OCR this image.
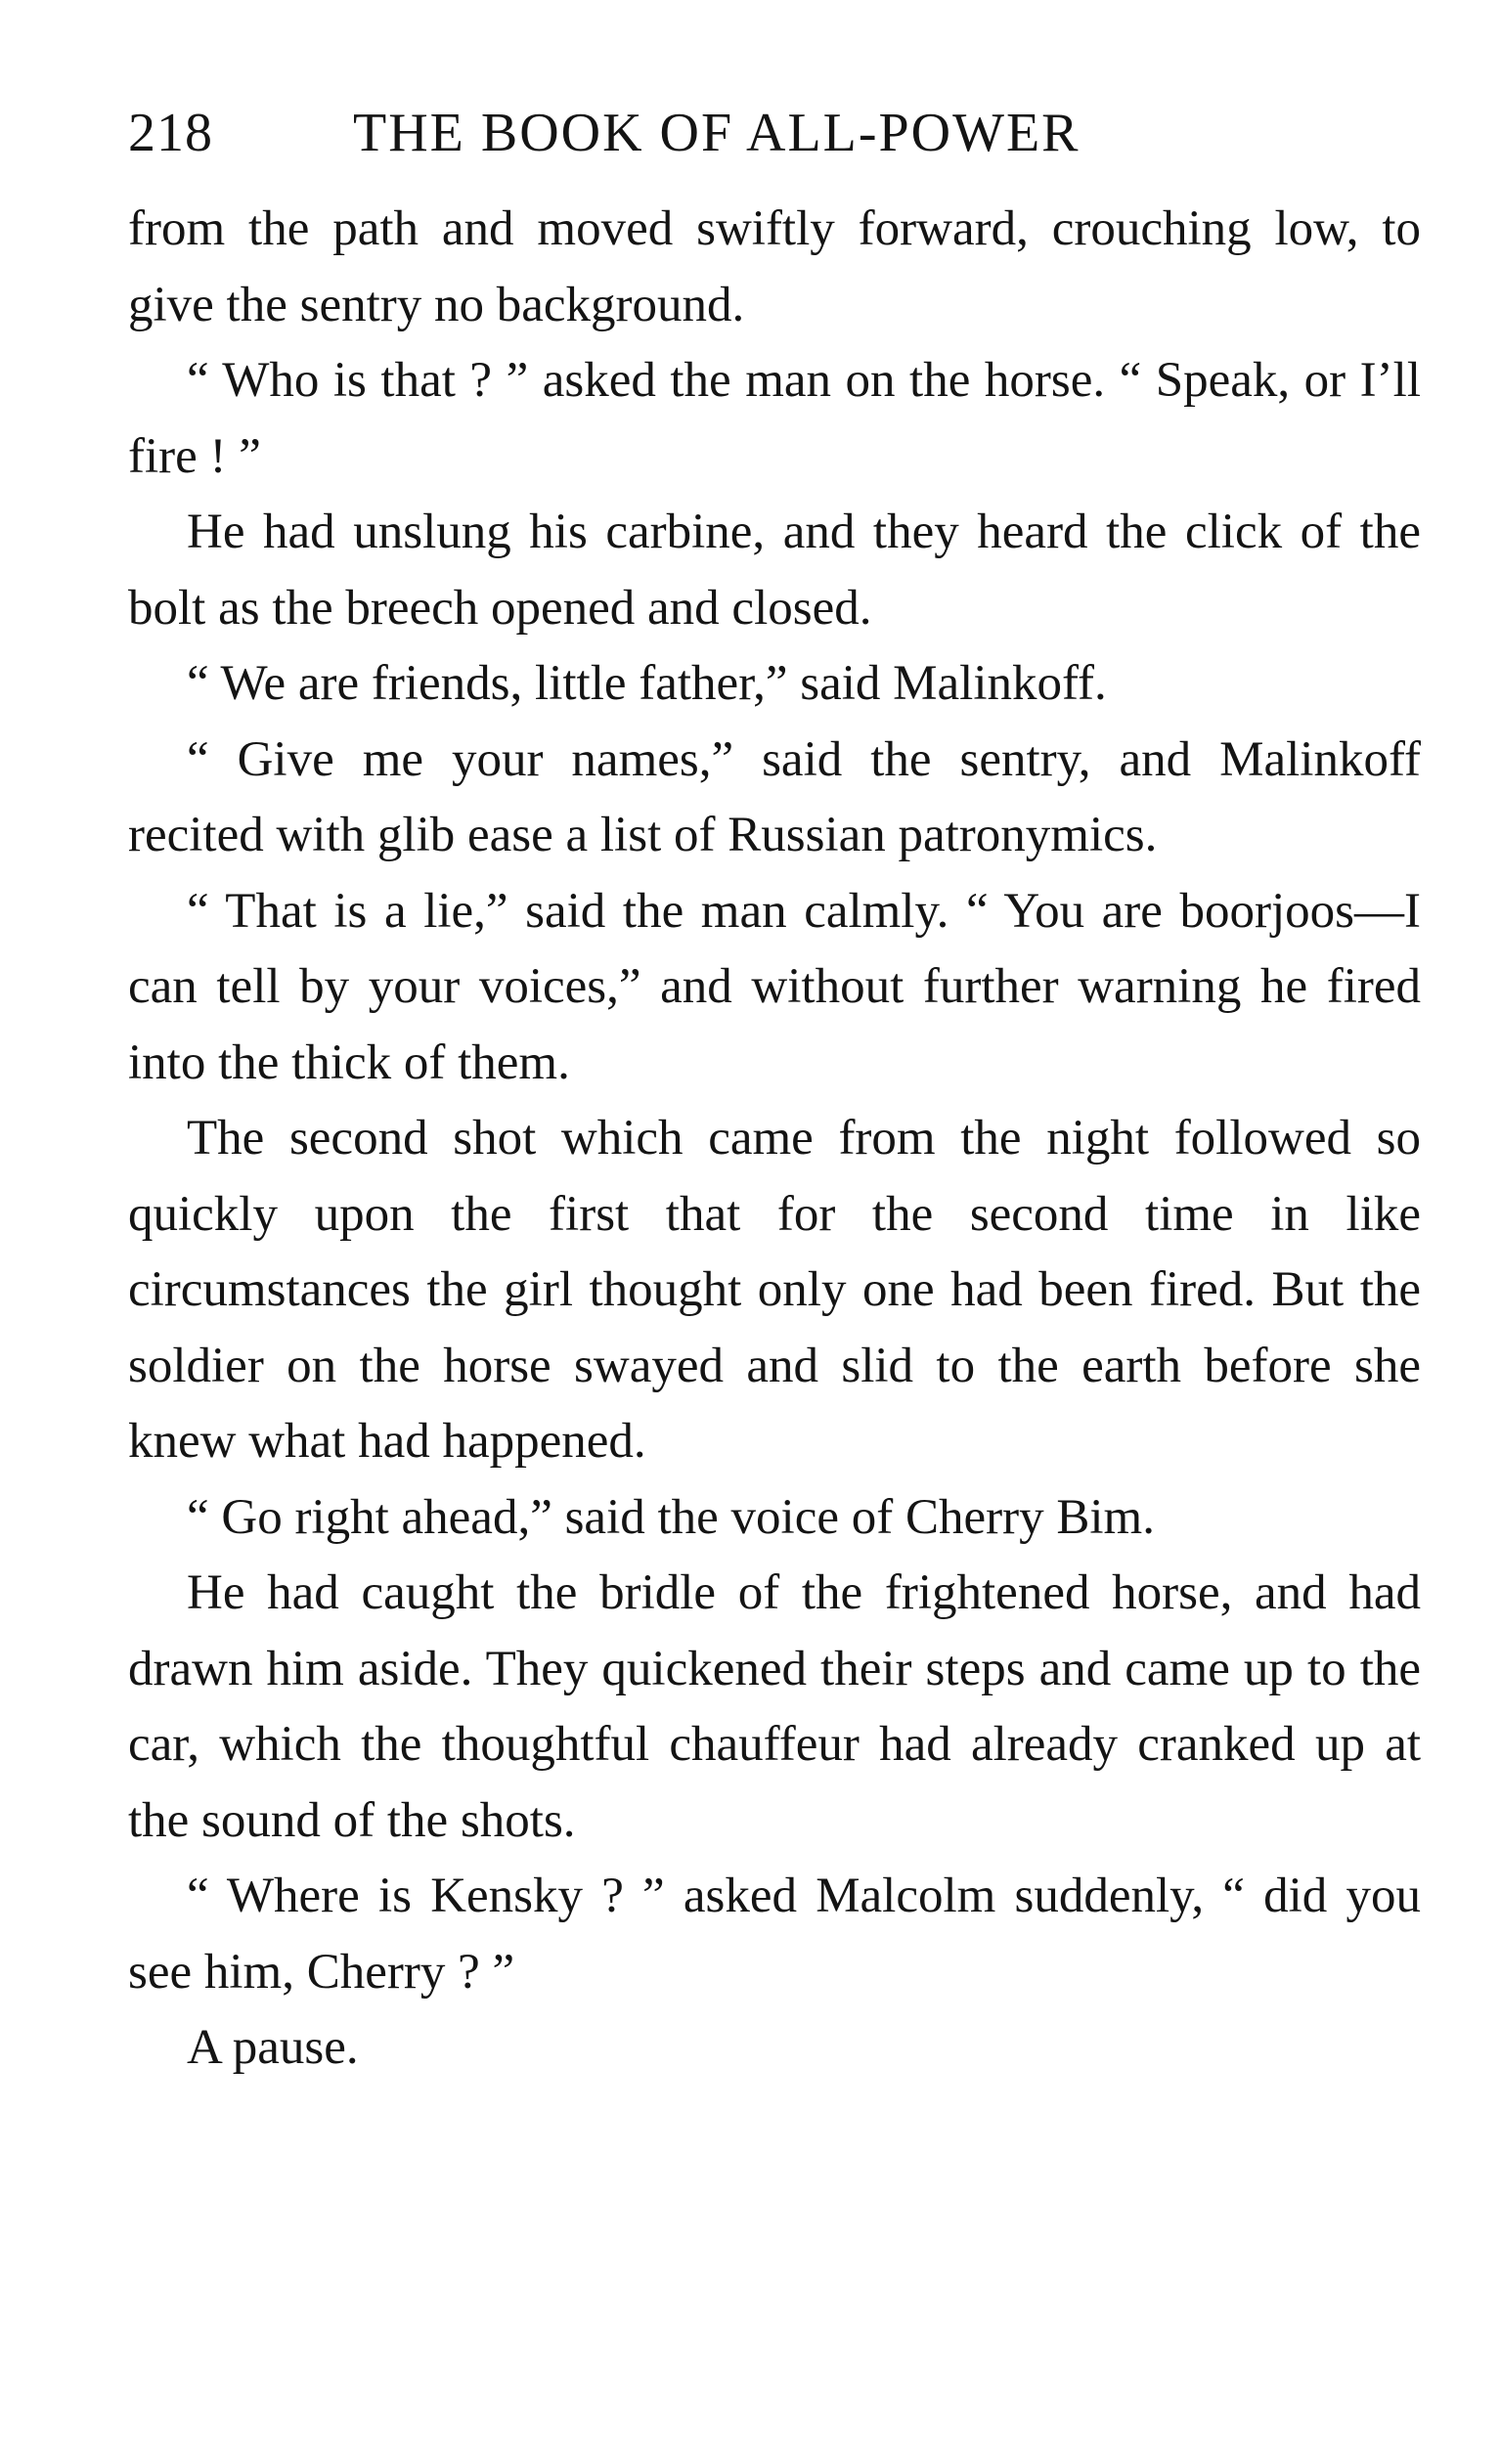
218	THE BOOK OF ALL-POWER

from the path and moved swiftly forward, crouching low, to give the sentry no background.

“ Who is that ? ” asked the man on the horse. “ Speak, or I’ll fire ! ”

He had unslung his carbine, and they heard the click of the bolt as the breech opened and closed.

“ We are friends, little father,” said Malinkoff.

“ Give me your names,” said the sentry, and Malinkoff recited with glib ease a list of Russian patronymics.

“ That is a lie,” said the man calmly. “ You are boorjoos—I can tell by your voices,” and without further warning he fired into the thick of them.

The second shot which came from the night followed so quickly upon the first that for the second time in like circumstances the girl thought only one had been fired. But the soldier on the horse swayed and slid to the earth before she knew what had happened.

“ Go right ahead,” said the voice of Cherry Bim.

He had caught the bridle of the frightened horse, and had drawn him aside. They quickened their steps and came up to the car, which the thoughtful chauffeur had already cranked up at the sound of the shots.

“ Where is Kensky ? ” asked Malcolm suddenly, “ did you see him, Cherry ? ”

A pause.
